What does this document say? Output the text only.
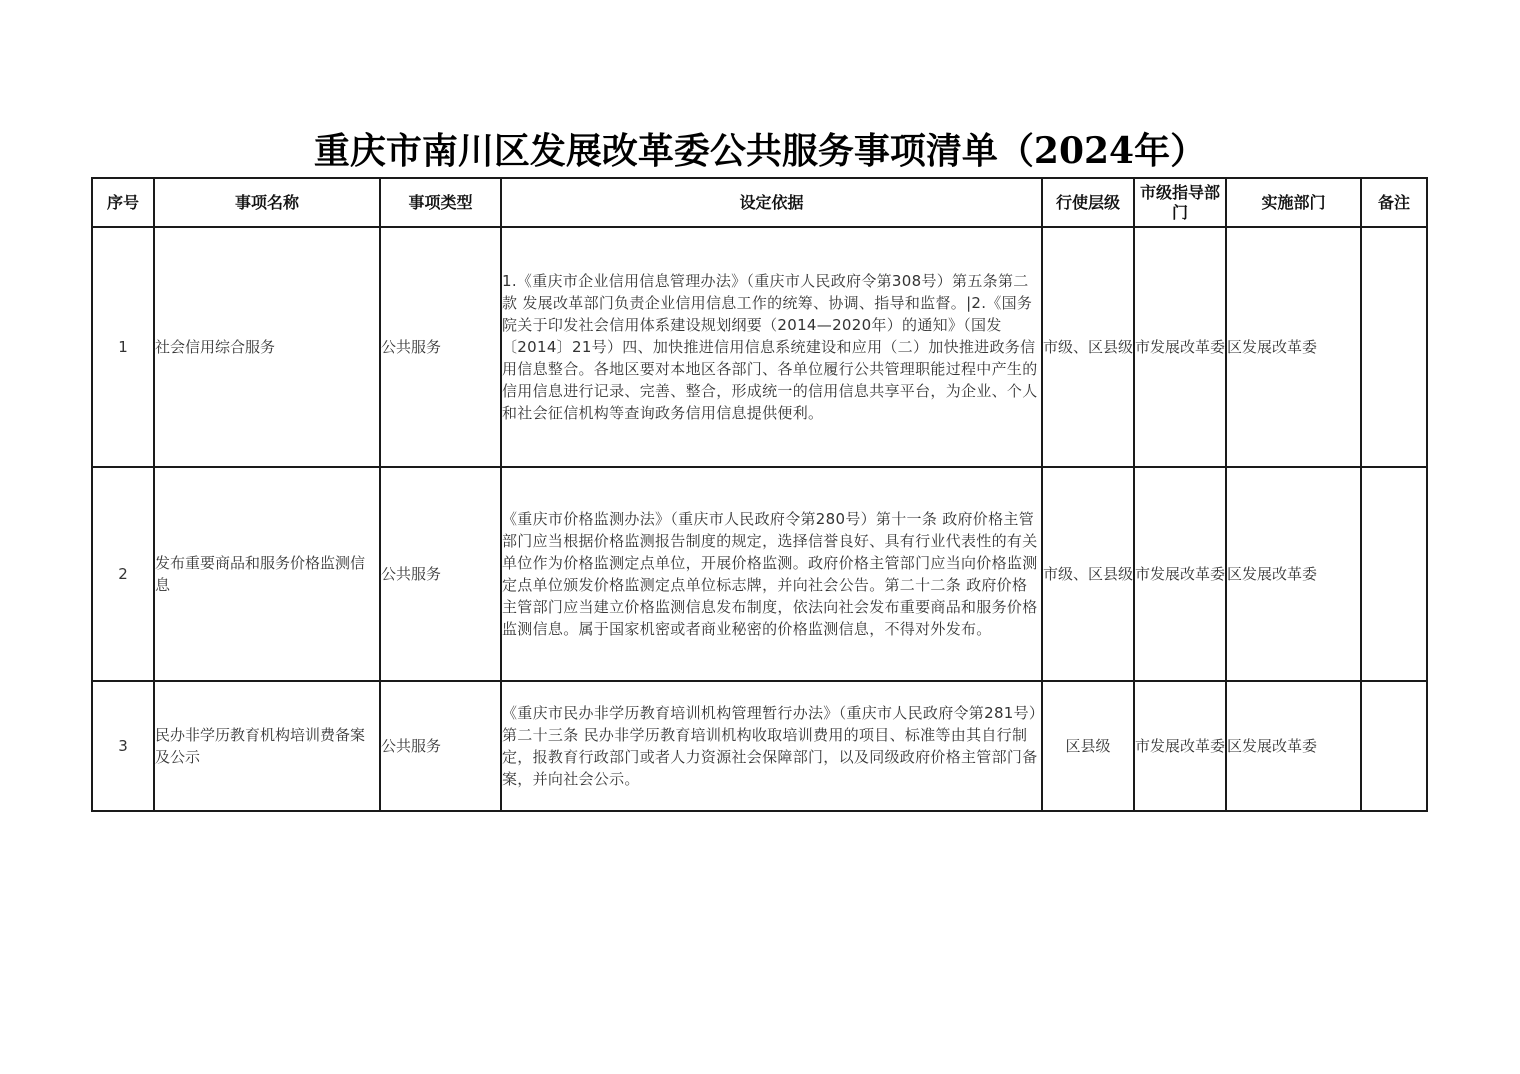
重庆市南川区发展改革委公共服务事项清单（2024年）
序号	事项名称	事项类型	设定依据	行使层级	市级指导部门	实施部门	备注
1	社会信用综合服务	公共服务	1.《重庆市企业信用信息管理办法》（重庆市人民政府令第308号）第五条第二款 发展改革部门负责企业信用信息工作的统筹、协调、指导和监督。|2.《国务院关于印发社会信用体系建设规划纲要（2014—2020年）的通知》（国发〔2014〕21号）四、加快推进信用信息系统建设和应用（二）加快推进政务信用信息整合。各地区要对本地区各部门、各单位履行公共管理职能过程中产生的信用信息进行记录、完善、整合，形成统一的信用信息共享平台，为企业、个人和社会征信机构等查询政务信用信息提供便利。	市级、区县级	市发展改革委	区发展改革委	
2	发布重要商品和服务价格监测信息	公共服务	《重庆市价格监测办法》（重庆市人民政府令第280号）第十一条 政府价格主管部门应当根据价格监测报告制度的规定，选择信誉良好、具有行业代表性的有关单位作为价格监测定点单位，开展价格监测。政府价格主管部门应当向价格监测定点单位颁发价格监测定点单位标志牌，并向社会公告。第二十二条 政府价格主管部门应当建立价格监测信息发布制度，依法向社会发布重要商品和服务价格监测信息。属于国家机密或者商业秘密的价格监测信息，不得对外发布。	市级、区县级	市发展改革委	区发展改革委	
3	民办非学历教育机构培训费备案及公示	公共服务	《重庆市民办非学历教育培训机构管理暂行办法》（重庆市人民政府令第281号）第二十三条 民办非学历教育培训机构收取培训费用的项目、标准等由其自行制定，报教育行政部门或者人力资源社会保障部门，以及同级政府价格主管部门备案，并向社会公示。	区县级	市发展改革委	区发展改革委	
